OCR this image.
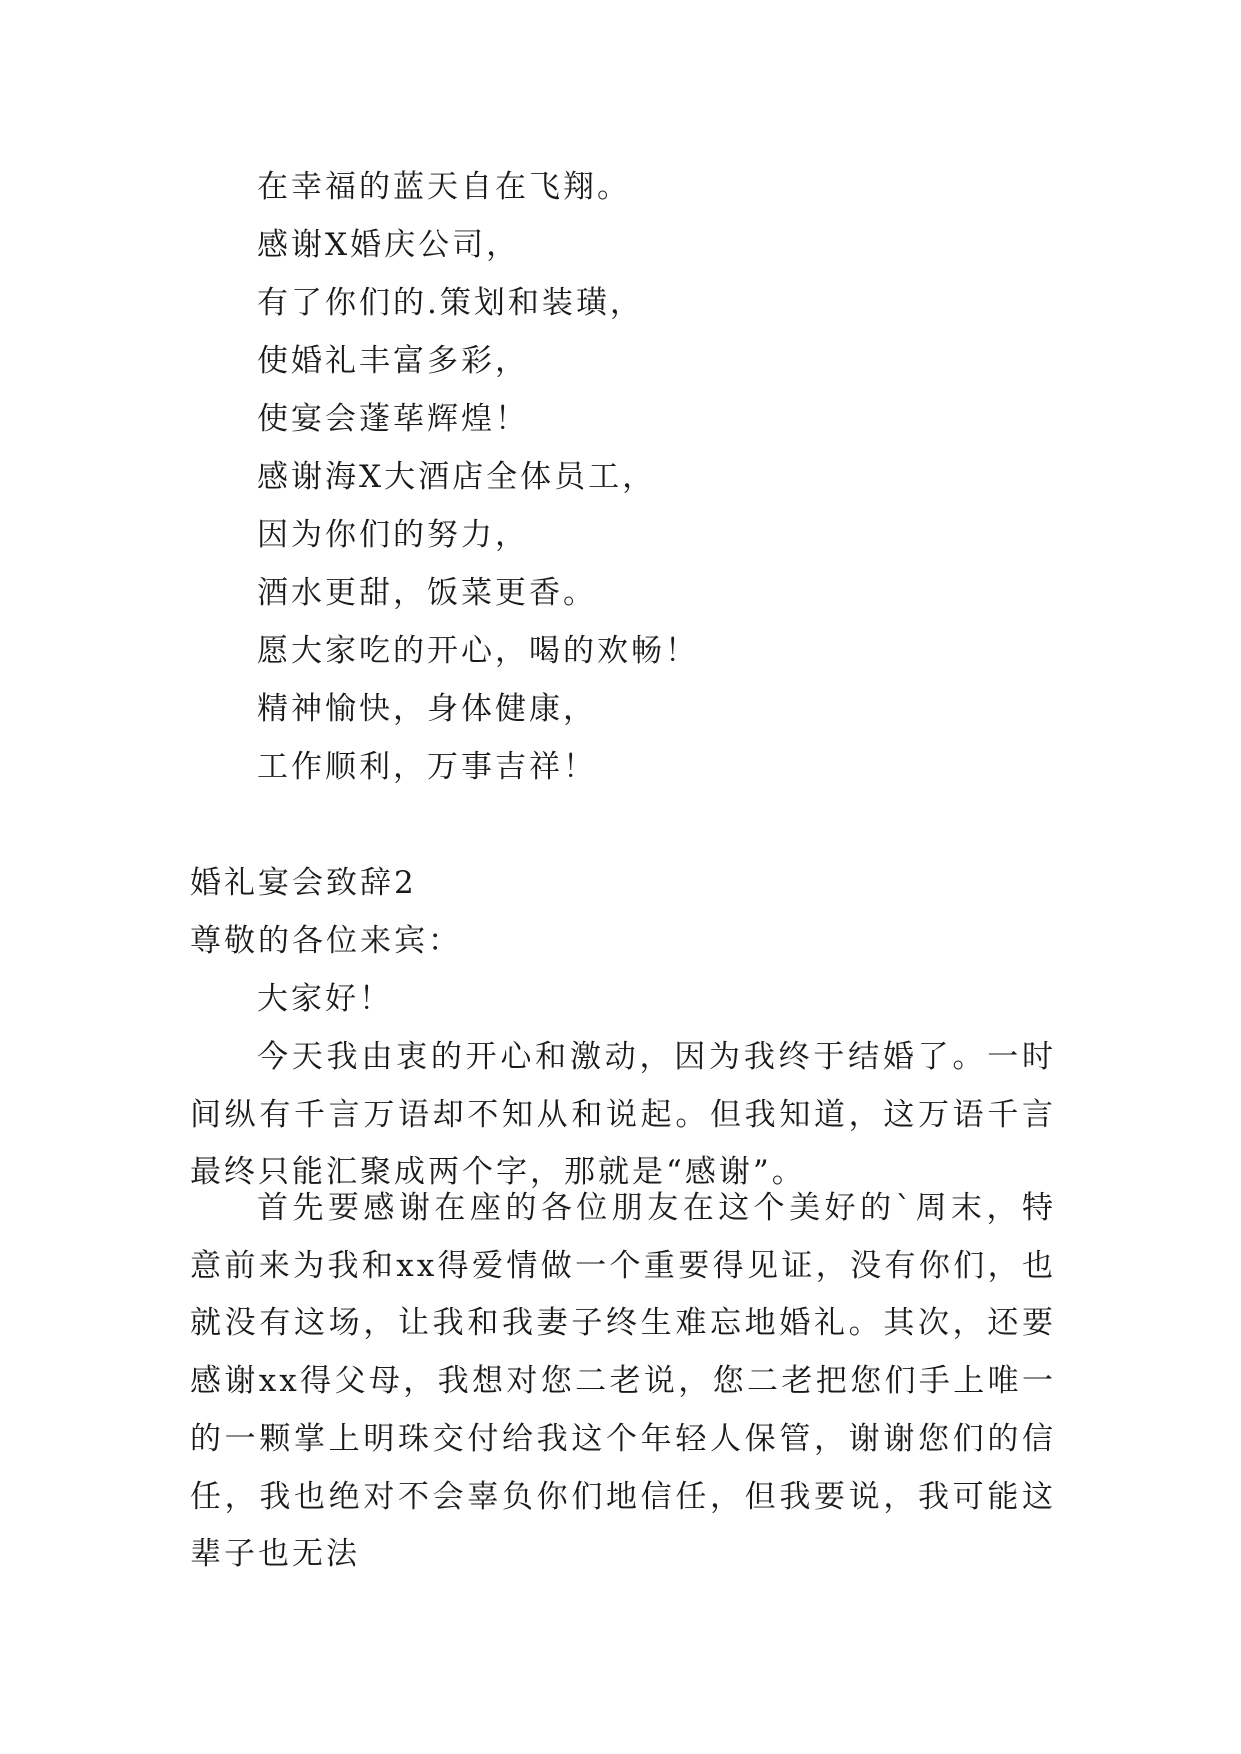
在幸福的蓝天自在飞翔。
感谢X婚庆公司，
有了你们的.策划和装璜，
使婚礼丰富多彩，
使宴会蓬荜辉煌！
感谢海X大酒店全体员工，
因为你们的努力，
酒水更甜，饭菜更香。
愿大家吃的开心，喝的欢畅！
精神愉快，身体健康，
工作顺利，万事吉祥！
婚礼宴会致辞2
尊敬的各位来宾：
大家好！
今天我由衷的开心和激动，因为我终于结婚了。一时间纵有千言万语却不知从和说起。但我知道，这万语千言最终只能汇聚成两个字，那就是“感谢”。
首先要感谢在座的各位朋友在这个美好的`周末，特意前来为我和xx得爱情做一个重要得见证，没有你们，也就没有这场，让我和我妻子终生难忘地婚礼。其次，还要感谢xx得父母，我想对您二老说，您二老把您们手上唯一的一颗掌上明珠交付给我这个年轻人保管，谢谢您们的信任，我也绝对不会辜负你们地信任，但我要说，我可能这辈子也无法
